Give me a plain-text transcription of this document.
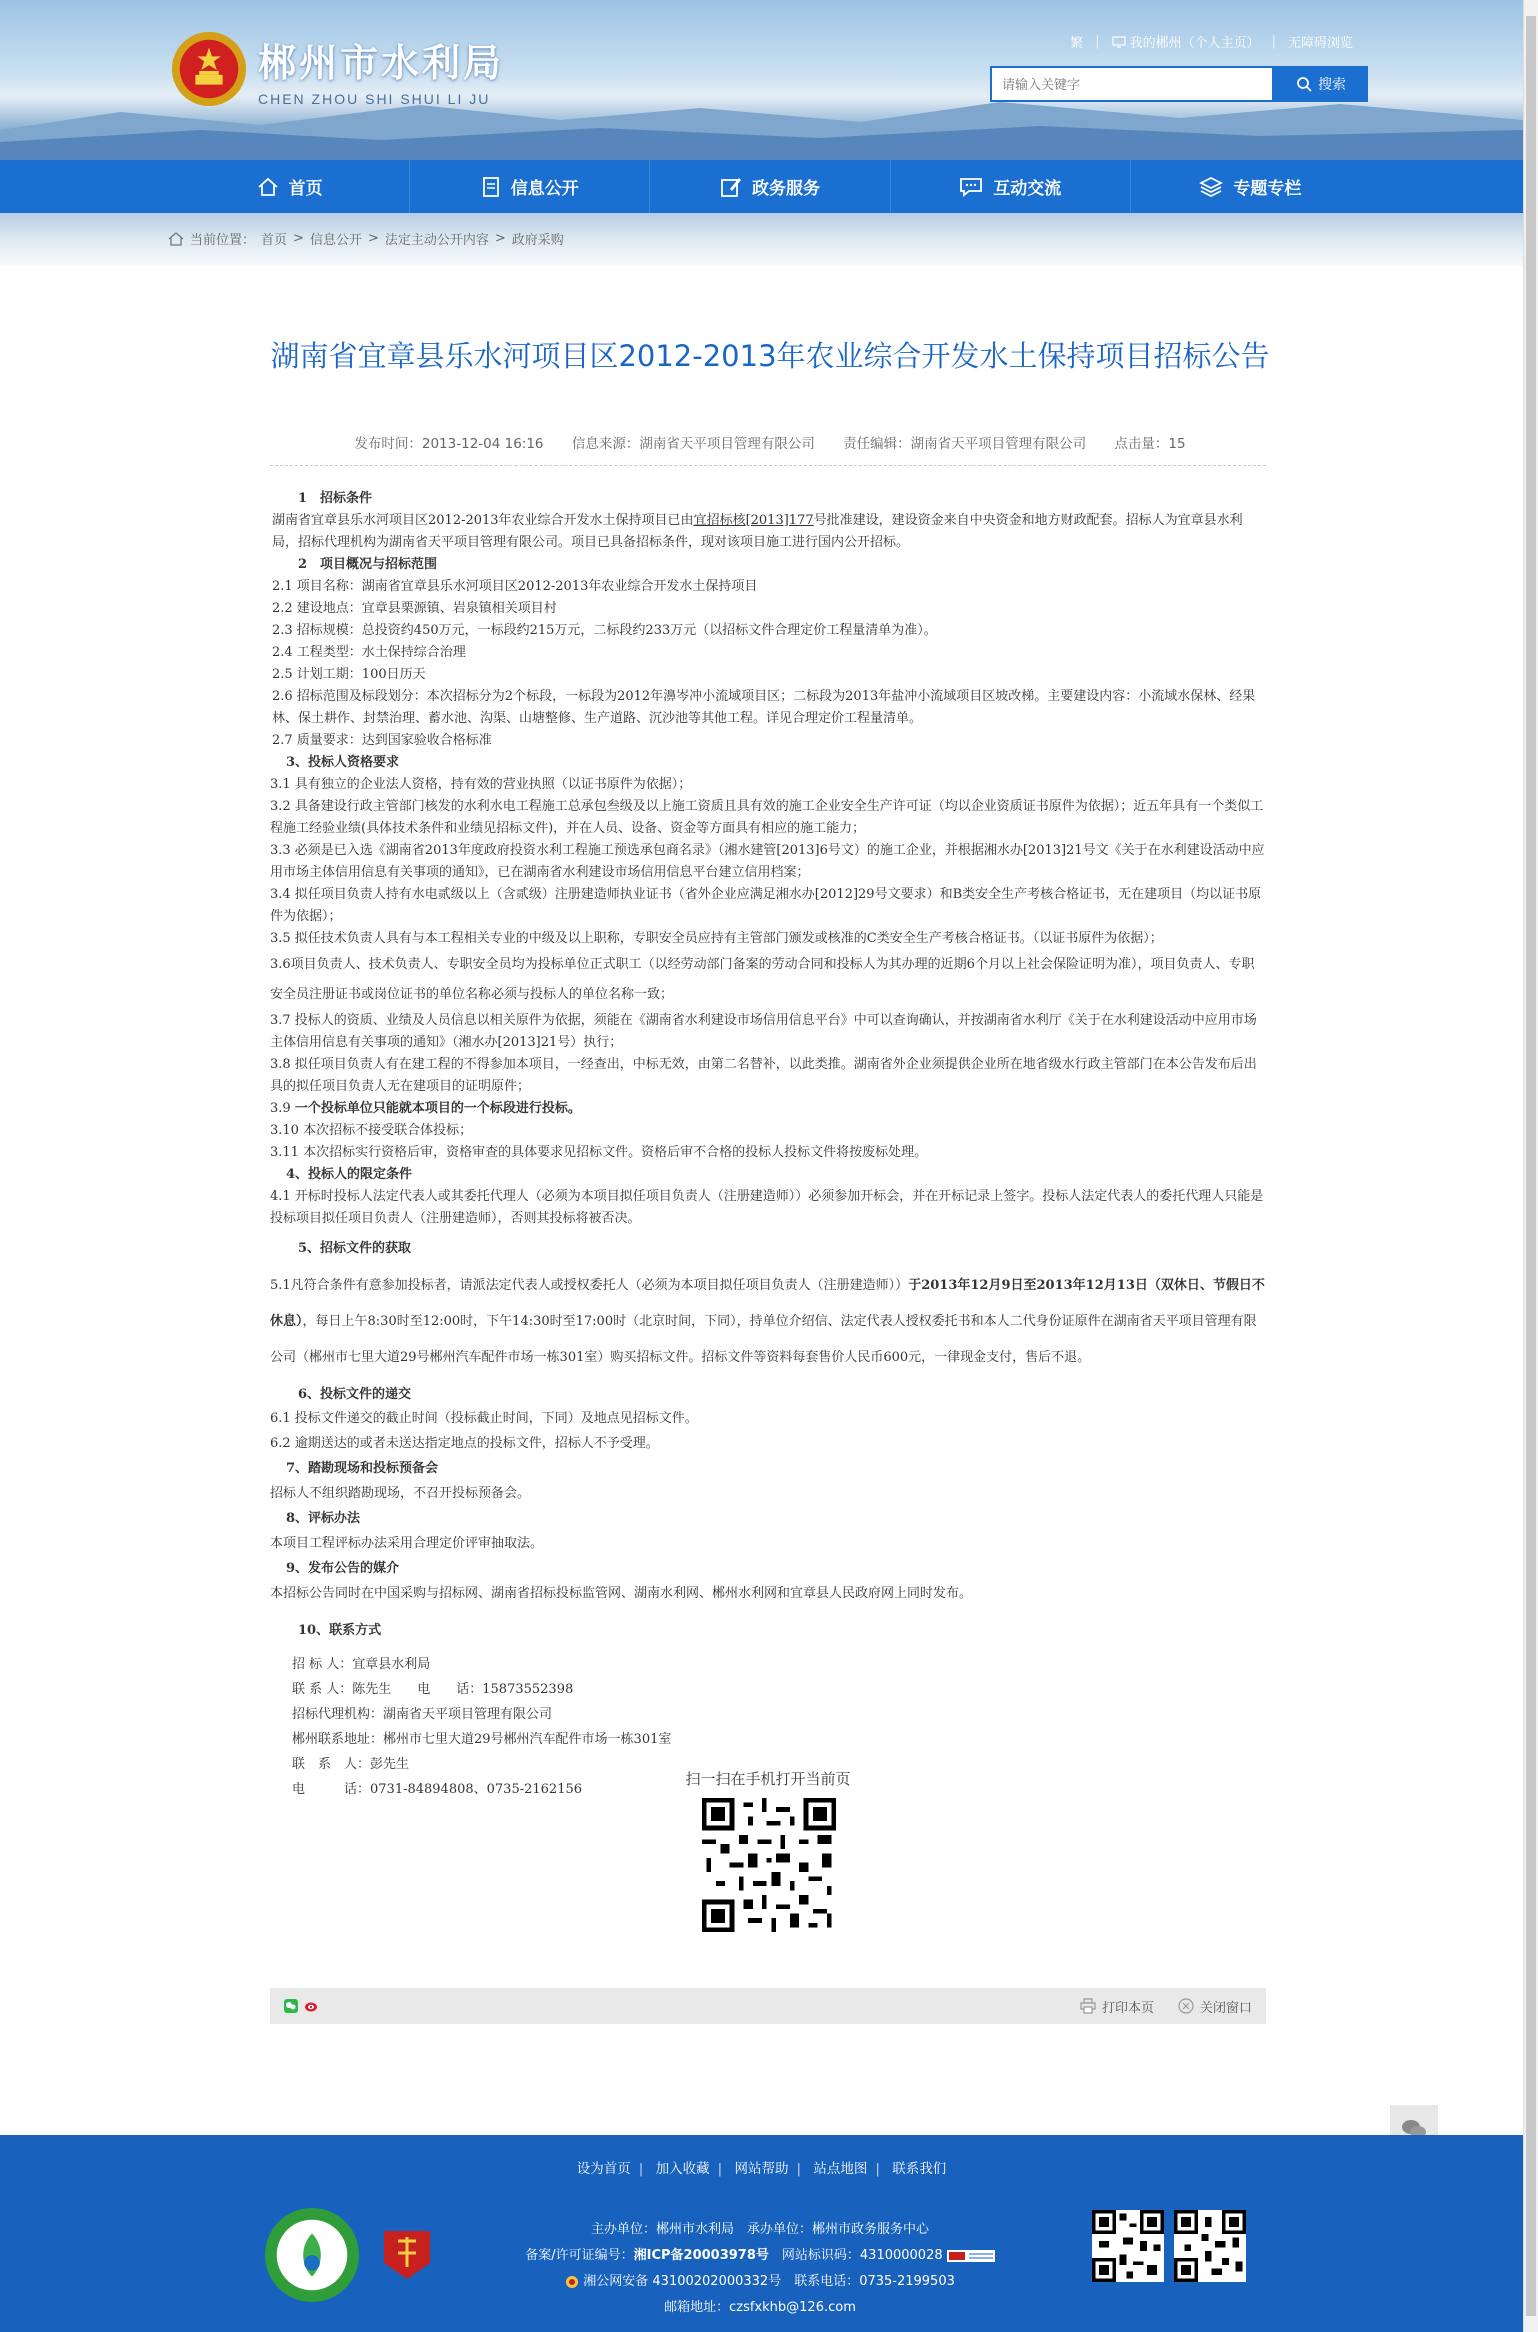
郴州市水利局
CHEN ZHOU SHI SHUI LI JU
繁 | 我的郴州（个人主页） | 无障碍浏览
请输入关键字
搜索
首页	信息公开	政务服务	互动交流	专题专栏
当前位置： 首页 > 信息公开 > 法定主动公开内容 > 政府采购
湖南省宜章县乐水河项目区2012-2013年农业综合开发水土保持项目招标公告
发布时间：2013-12-04 16:16 信息来源：湖南省天平项目管理有限公司 责任编辑：湖南省天平项目管理有限公司 点击量：15

1　招标条件

湖南省宜章县乐水河项目区2012-2013年农业综合开发水土保持项目已由宜招标核[2013]177号批准建设，建设资金来自中央资金和地方财政配套。招标人为宜章县水利局，招标代理机构为湖南省天平项目管理有限公司。项目已具备招标条件，现对该项目施工进行国内公开招标。

2　项目概况与招标范围

2.1 项目名称：湖南省宜章县乐水河项目区2012-2013年农业综合开发水土保持项目

2.2 建设地点：宜章县栗源镇、岩泉镇相关项目村

2.3 招标规模：总投资约450万元，一标段约215万元，二标段约233万元（以招标文件合理定价工程量清单为准）。

2.4 工程类型：水土保持综合治理

2.5 计划工期：100日历天

2.6 招标范围及标段划分：本次招标分为2个标段，一标段为2012年濞岑冲小流域项目区；二标段为2013年盐冲小流域项目区坡改梯。主要建设内容：小流域水保林、经果林、保土耕作、封禁治理、蓄水池、沟渠、山塘整修、生产道路、沉沙池等其他工程。详见合理定价工程量清单。

2.7 质量要求：达到国家验收合格标准

3、投标人资格要求

3.1 具有独立的企业法人资格，持有效的营业执照（以证书原件为依据）；

3.2 具备建设行政主管部门核发的水利水电工程施工总承包叁级及以上施工资质且具有效的施工企业安全生产许可证（均以企业资质证书原件为依据）；近五年具有一个类似工程施工经验业绩(具体技术条件和业绩见招标文件)，并在人员、设备、资金等方面具有相应的施工能力；

3.3 必须是已入选《湖南省2013年度政府投资水利工程施工预选承包商名录》（湘水建管[2013]6号文）的施工企业，并根据湘水办[2013]21号文《关于在水利建设活动中应用市场主体信用信息有关事项的通知》，已在湖南省水利建设市场信用信息平台建立信用档案；

3.4 拟任项目负责人持有水电贰级以上（含贰级）注册建造师执业证书（省外企业应满足湘水办[2012]29号文要求）和B类安全生产考核合格证书，无在建项目（均以证书原件为依据）；

3.5 拟任技术负责人具有与本工程相关专业的中级及以上职称，专职安全员应持有主管部门颁发或核准的C类安全生产考核合格证书。（以证书原件为依据）；

3.6项目负责人、技术负责人、专职安全员均为投标单位正式职工（以经劳动部门备案的劳动合同和投标人为其办理的近期6个月以上社会保险证明为准），项目负责人、专职安全员注册证书或岗位证书的单位名称必须与投标人的单位名称一致；

3.7 投标人的资质、业绩及人员信息以相关原件为依据，须能在《湖南省水利建设市场信用信息平台》中可以查询确认，并按湖南省水利厅《关于在水利建设活动中应用市场主体信用信息有关事项的通知》（湘水办[2013]21号）执行；

3.8 拟任项目负责人有在建工程的不得参加本项目，一经查出，中标无效，由第二名替补，以此类推。湖南省外企业须提供企业所在地省级水行政主管部门在本公告发布后出具的拟任项目负责人无在建项目的证明原件；

3.9 一个投标单位只能就本项目的一个标段进行投标。

3.10 本次招标不接受联合体投标；

3.11 本次招标实行资格后审，资格审查的具体要求见招标文件。资格后审不合格的投标人投标文件将按废标处理。

4、投标人的限定条件

4.1 开标时投标人法定代表人或其委托代理人（必须为本项目拟任项目负责人（注册建造师））必须参加开标会，并在开标记录上签字。投标人法定代表人的委托代理人只能是投标项目拟任项目负责人（注册建造师），否则其投标将被否决。

5、招标文件的获取

5.1凡符合条件有意参加投标者，请派法定代表人或授权委托人（必须为本项目拟任项目负责人（注册建造师））于2013年12月9日至2013年12月13日（双休日、节假日不休息），每日上午8:30时至12:00时，下午14:30时至17:00时（北京时间，下同），持单位介绍信、法定代表人授权委托书和本人二代身份证原件在湖南省天平项目管理有限公司（郴州市七里大道29号郴州汽车配件市场一栋301室）购买招标文件。招标文件等资料每套售价人民币600元，一律现金支付，售后不退。

6、投标文件的递交

6.1 投标文件递交的截止时间（投标截止时间，下同）及地点见招标文件。

6.2 逾期送达的或者未送达指定地点的投标文件，招标人不予受理。

7、踏勘现场和投标预备会

招标人不组织踏勘现场，不召开投标预备会。

8、评标办法

本项目工程评标办法采用合理定价评审抽取法。

9、发布公告的媒介

本招标公告同时在中国采购与招标网、湖南省招标投标监管网、湖南水利网、郴州水利网和宜章县人民政府网上同时发布。

10、联系方式

招 标 人：宜章县水利局

联 系 人：陈先生　　电　　话：15873552398

招标代理机构：湖南省天平项目管理有限公司

郴州联系地址：郴州市七里大道29号郴州汽车配件市场一栋301室

联　系　人：彭先生

电　　　话：0731-84894808、0735-2162156

扫一扫在手机打开当前页
打印本页	关闭窗口
设为首页 | 加入收藏 | 网站帮助 | 站点地图 | 联系我们
主办单位：郴州市水利局　承办单位：郴州市政务服务中心
备案/许可证编号：湘ICP备20003978号　网站标识码：4310000028
湘公网安备 43100202000332号　联系电话：0735-2199503
邮箱地址：czsfxkhb@126.com
